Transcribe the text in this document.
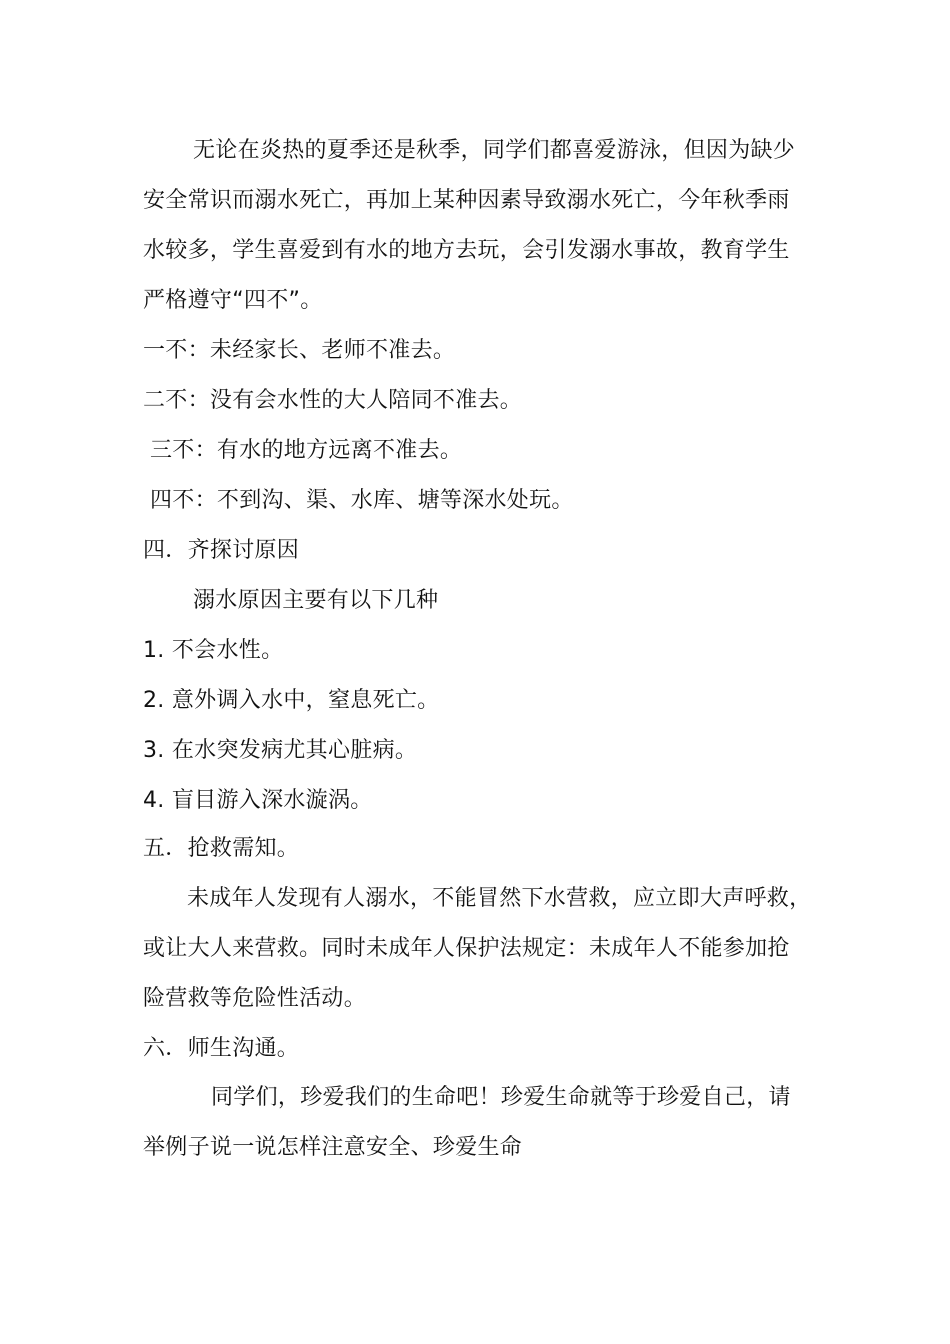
无论在炎热的夏季还是秋季，同学们都喜爱游泳，但因为缺少
安全常识而溺水死亡，再加上某种因素导致溺水死亡，今年秋季雨
水较多，学生喜爱到有水的地方去玩，会引发溺水事故，教育学生
严格遵守“四不”。
一不：未经家长、老师不准去。
二不：没有会水性的大人陪同不准去。
三不：有水的地方远离不准去。
四不：不到沟、渠、水库、塘等深水处玩。
四．齐探讨原因
溺水原因主要有以下几种
1. 不会水性。
2. 意外调入水中，窒息死亡。
3. 在水突发病尤其心脏病。
4. 盲目游入深水漩涡。
五．抢救需知。
未成年人发现有人溺水，不能冒然下水营救，应立即大声呼救，
或让大人来营救。同时未成年人保护法规定：未成年人不能参加抢
险营救等危险性活动。
六．师生沟通。
同学们，珍爱我们的生命吧！珍爱生命就等于珍爱自己，请
举例子说一说怎样注意安全、珍爱生命
